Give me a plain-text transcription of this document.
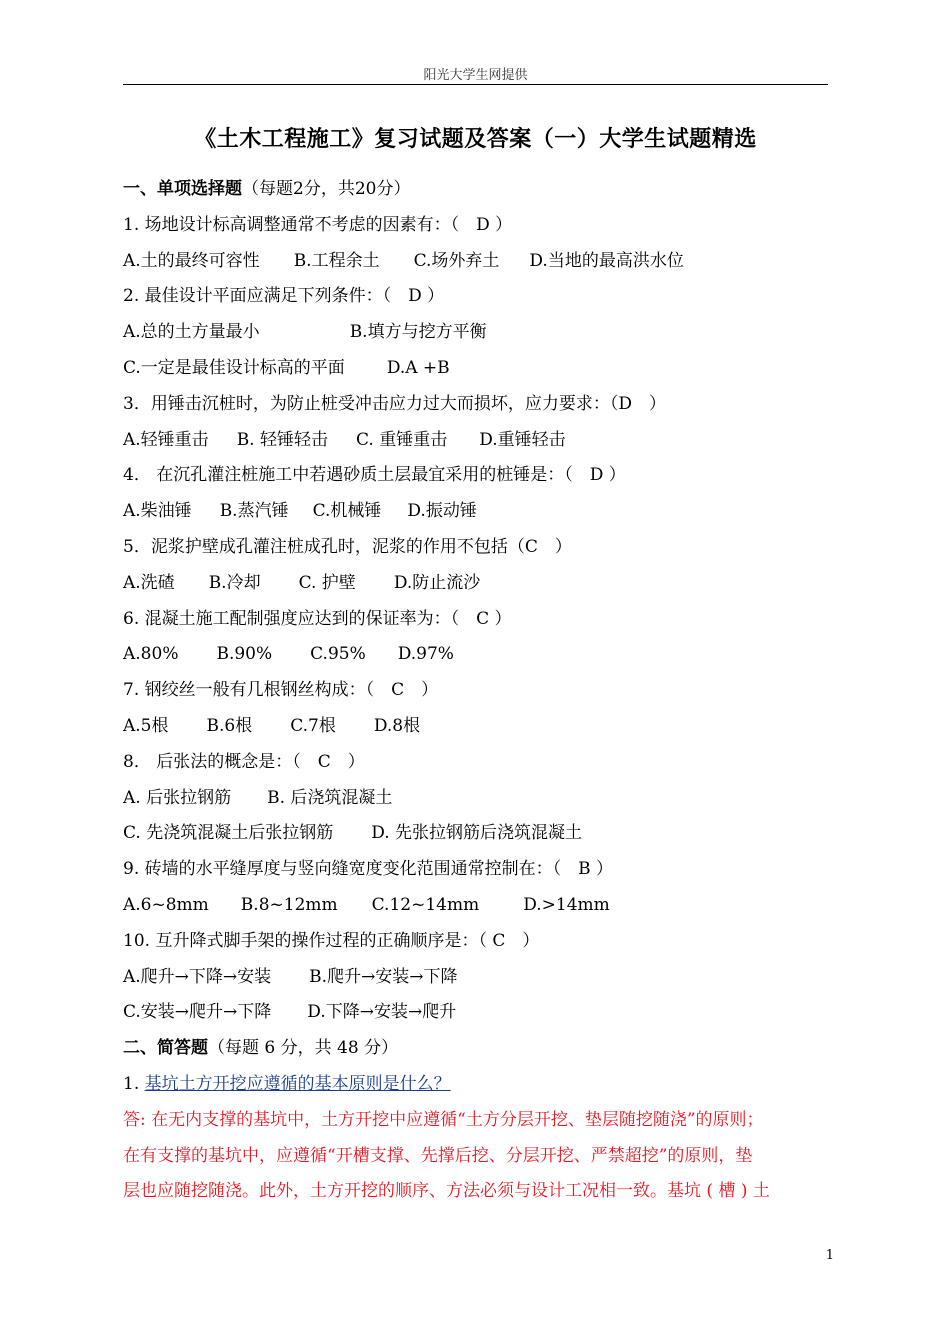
阳光大学生网提供
《土木工程施工》复习试题及答案（一）大学生试题精选
一、单项选择题（每题2分，共20分）
1. 场地设计标高调整通常不考虑的因素有：（　D ）
A.土的最终可容性 B.工程余土 C.场外弃土 D.当地的最高洪水位
2. 最佳设计平面应满足下列条件：（　D ）
A.总的土方量最小	B.填方与挖方平衡
C.一定是最佳设计标高的平面 D.A +B
3．用锤击沉桩时，为防止桩受冲击应力过大而损坏，应力要求：（D　）
A.轻锤重击 B. 轻锤轻击 C. 重锤重击 D.重锤轻击
4． 在沉孔灌注桩施工中若遇砂质土层最宜采用的桩锤是：（　D ）
A.柴油锤 B.蒸汽锤 C.机械锤 D.振动锤
5．泥浆护壁成孔灌注桩成孔时，泥浆的作用不包括（C　）
A.洗碴 B.冷却 C. 护壁 D.防止流沙
6. 混凝土施工配制强度应达到的保证率为：（　C ）
A.80% B.90% C.95% D.97%
7. 钢绞丝一般有几根钢丝构成：（　C　）
A.5根 B.6根 C.7根 D.8根
8． 后张法的概念是：（　C　）
A. 后张拉钢筋 B. 后浇筑混凝土
C. 先浇筑混凝土后张拉钢筋 D. 先张拉钢筋后浇筑混凝土
9. 砖墙的水平缝厚度与竖向缝宽度变化范围通常控制在：（　B ）
A.6~8mm B.8~12mm C.12~14mm	D.>14mm
10. 互升降式脚手架的操作过程的正确顺序是：（ C　）
A.爬升→下降→安装 B.爬升→安装→下降
C.安装→爬升→下降 D.下降→安装→爬升
二、简答题（每题 6 分，共 48 分）
1. 基坑土方开挖应遵循的基本原则是什么？
答: 在无内支撑的基坑中，土方开挖中应遵循“土方分层开挖、垫层随挖随浇”的原则；
在有支撑的基坑中，应遵循“开槽支撑、先撑后挖、分层开挖、严禁超挖”的原则，垫
层也应随挖随浇。此外，土方开挖的顺序、方法必须与设计工况相一致。基坑 ( 槽 ) 土
1
